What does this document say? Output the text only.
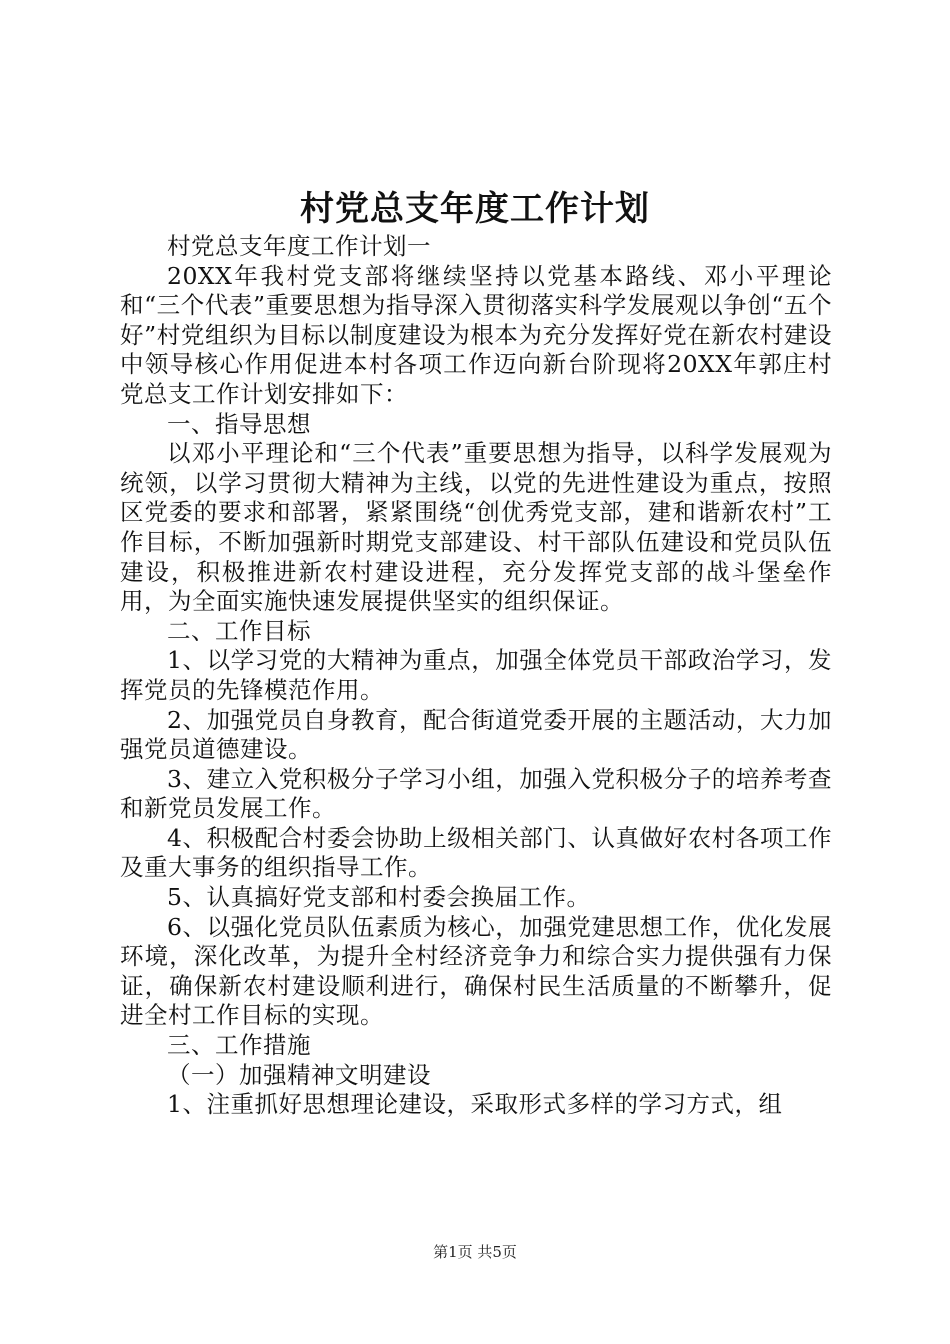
村党总支年度工作计划

村党总支年度工作计划一

20XX年我村党支部将继续坚持以党基本路线、邓小平理论和“三个代表”重要思想为指导深入贯彻落实科学发展观以争创“五个好”村党组织为目标以制度建设为根本为充分发挥好党在新农村建设中领导核心作用促进本村各项工作迈向新台阶现将20XX年郭庄村党总支工作计划安排如下：

一、指导思想

以邓小平理论和“三个代表”重要思想为指导，以科学发展观为统领，以学习贯彻大精神为主线，以党的先进性建设为重点，按照区党委的要求和部署，紧紧围绕“创优秀党支部，建和谐新农村”工作目标，不断加强新时期党支部建设、村干部队伍建设和党员队伍建设，积极推进新农村建设进程，充分发挥党支部的战斗堡垒作用，为全面实施快速发展提供坚实的组织保证。

二、工作目标

1、以学习党的大精神为重点，加强全体党员干部政治学习，发挥党员的先锋模范作用。

2、加强党员自身教育，配合街道党委开展的主题活动，大力加强党员道德建设。

3、建立入党积极分子学习小组，加强入党积极分子的培养考查和新党员发展工作。

4、积极配合村委会协助上级相关部门、认真做好农村各项工作及重大事务的组织指导工作。

5、认真搞好党支部和村委会换届工作。

6、以强化党员队伍素质为核心，加强党建思想工作，优化发展环境，深化改革，为提升全村经济竞争力和综合实力提供强有力保证，确保新农村建设顺利进行，确保村民生活质量的不断攀升，促进全村工作目标的实现。

三、工作措施

（一）加强精神文明建设

1、注重抓好思想理论建设，采取形式多样的学习方式，组

第1页 共5页
